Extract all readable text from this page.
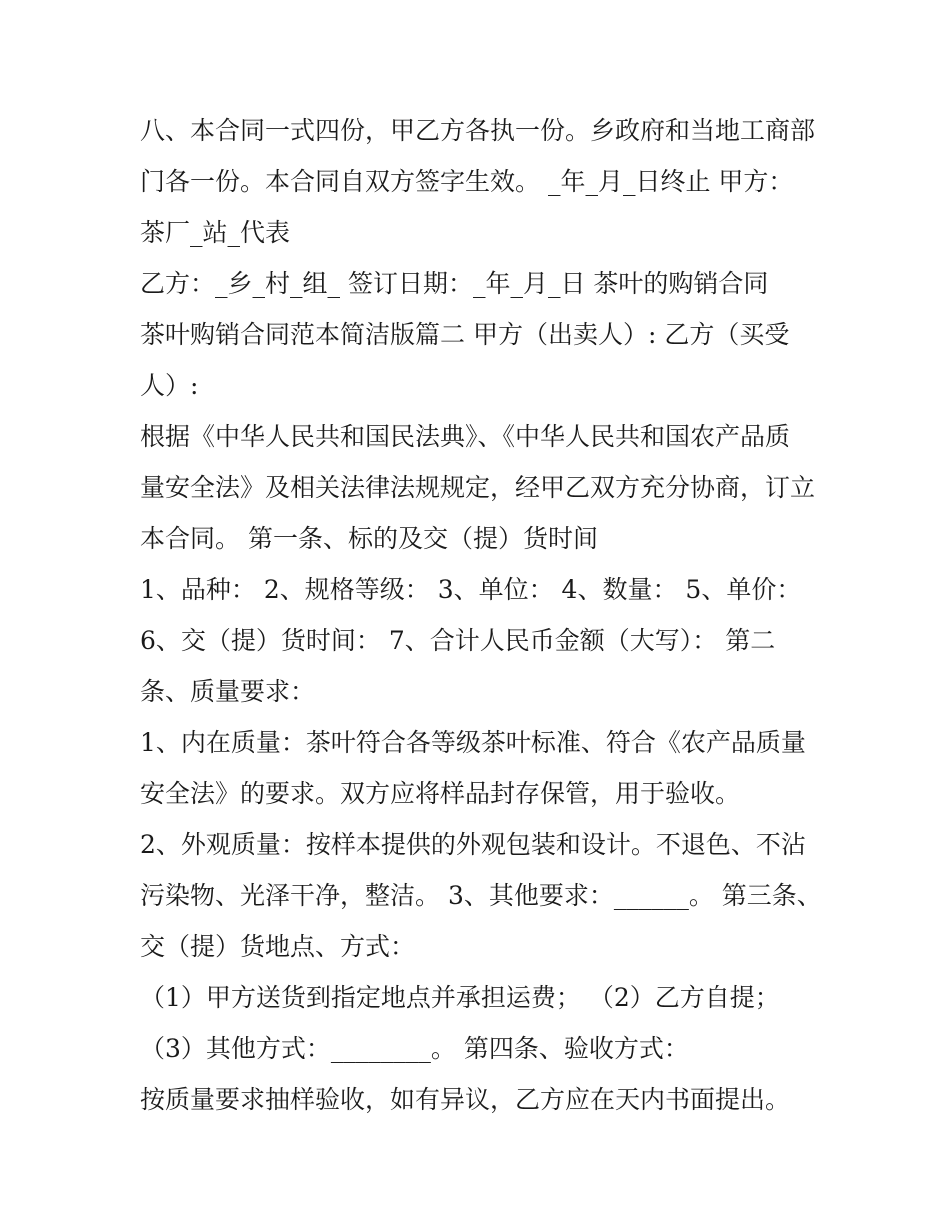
八、本合同一式四份，甲乙方各执一份。乡政府和当地工商部
门各一份。本合同自双方签字生效。 _年_月_日终止 甲方：
茶厂_站_代表
乙方：_乡_村_组_ 签订日期：_年_月_日 茶叶的购销合同
茶叶购销合同范本简洁版篇二 甲方（出卖人）: 乙方（买受
人）:
根据《中华人民共和国民法典》、《中华人民共和国农产品质
量安全法》及相关法律法规规定，经甲乙双方充分协商，订立
本合同。 第一条、标的及交（提）货时间
1、品种： 2、规格等级： 3、单位： 4、数量： 5、单价：
6、交（提）货时间： 7、合计人民币金额（大写）： 第二
条、质量要求：
1、内在质量：茶叶符合各等级茶叶标准、符合《农产品质量
安全法》的要求。双方应将样品封存保管，用于验收。
2、外观质量：按样本提供的外观包装和设计。不退色、不沾
污染物、光泽干净，整洁。 3、其他要求：______。 第三条、
交（提）货地点、方式：
（1）甲方送货到指定地点并承担运费； （2）乙方自提；
（3）其他方式：________。 第四条、验收方式：
按质量要求抽样验收，如有异议，乙方应在天内书面提出。
